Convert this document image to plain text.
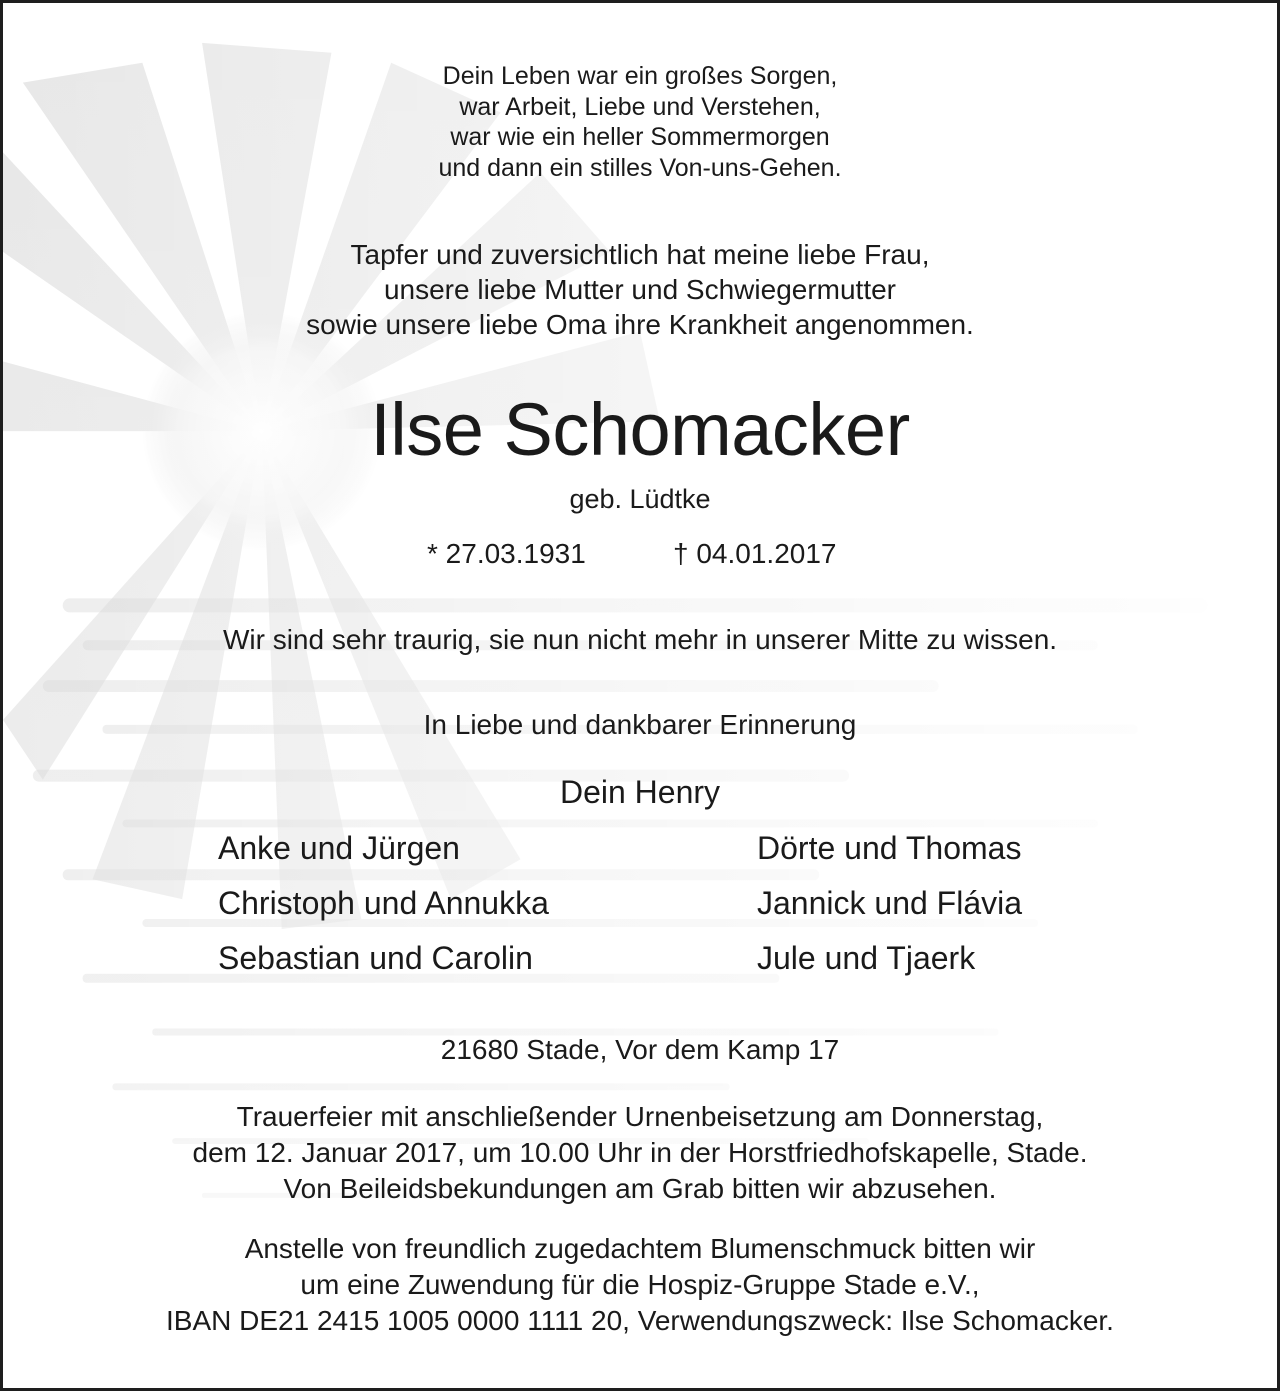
Dein Leben war ein großes Sorgen,
war Arbeit, Liebe und Verstehen,
war wie ein heller Sommermorgen
und dann ein stilles Von-uns-Gehen.
Tapfer und zuversichtlich hat meine liebe Frau,
unsere liebe Mutter und Schwiegermutter
sowie unsere liebe Oma ihre Krankheit angenommen.
Ilse Schomacker
geb. Lüdtke
* 27.03.1931	† 04.01.2017
Wir sind sehr traurig, sie nun nicht mehr in unserer Mitte zu wissen.
In Liebe und dankbarer Erinnerung
Dein Henry
Anke und Jürgen
Christoph und Annukka
Sebastian und Carolin
Dörte und Thomas
Jannick und Flávia
Jule und Tjaerk
21680 Stade, Vor dem Kamp 17
Trauerfeier mit anschließender Urnenbeisetzung am Donnerstag,
dem 12. Januar 2017, um 10.00 Uhr in der Horstfriedhofskapelle, Stade.
Von Beileidsbekundungen am Grab bitten wir abzusehen.
Anstelle von freundlich zugedachtem Blumenschmuck bitten wir
um eine Zuwendung für die Hospiz-Gruppe Stade e.V.,
IBAN DE21 2415 1005 0000 1111 20, Verwendungszweck: Ilse Schomacker.
